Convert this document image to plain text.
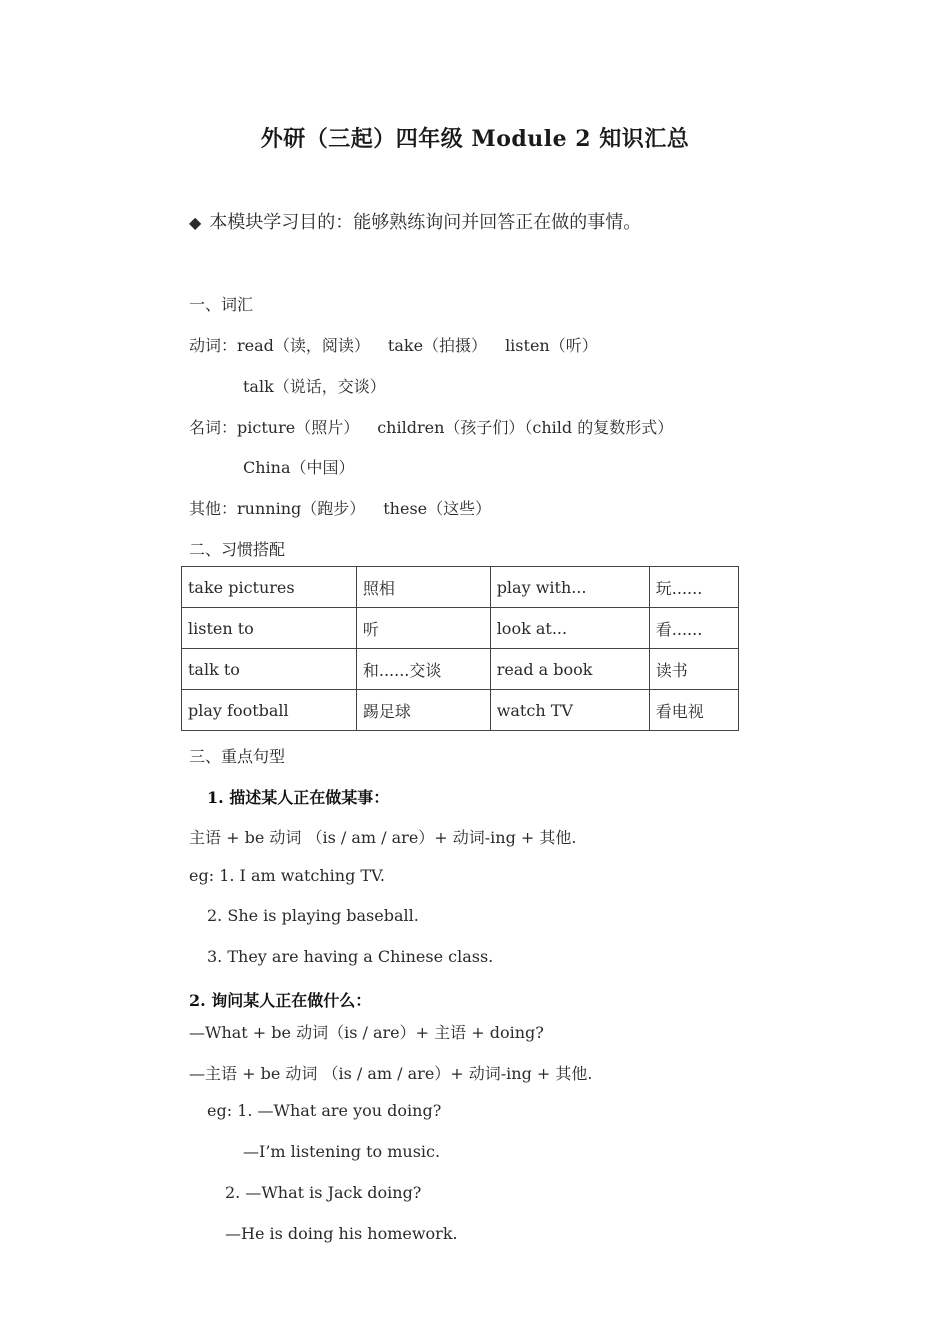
外研（三起）四年级 Module 2 知识汇总
◆ 本模块学习目的：能够熟练询问并回答正在做的事情。
一、词汇
动词：read（读，阅读） take（拍摄） listen（听）
talk（说话，交谈）
名词：picture（照片） children（孩子们）（child 的复数形式）
China（中国）
其他：running（跑步） these（这些）
二、习惯搭配
take pictures	照相	play with...	玩......
listen to	听	look at...	看......
talk to	和......交谈	read a book	读书
play football	踢足球	watch TV	看电视
三、重点句型
1. 描述某人正在做某事：
主语 + be 动词 （is / am / are）+ 动词-ing + 其他.
eg: 1. I am watching TV.
2. She is playing baseball.
3. They are having a Chinese class.
2. 询问某人正在做什么：
—What + be 动词（is / are）+ 主语 + doing?
—主语 + be 动词 （is / am / are）+ 动词-ing + 其他.
eg: 1. —What are you doing?
—I’m listening to music.
2. —What is Jack doing?
—He is doing his homework.
